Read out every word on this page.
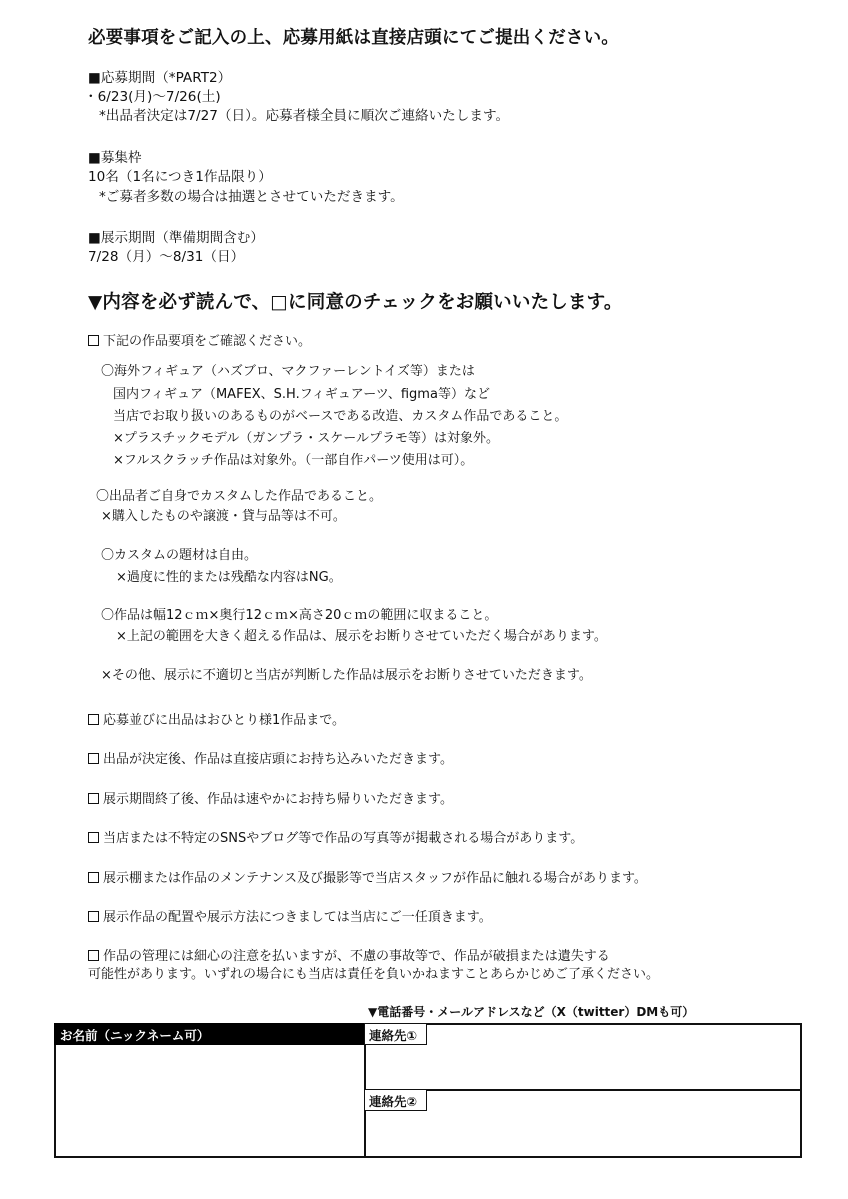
必要事項をご記入の上、応募用紙は直接店頭にてご提出ください。
■応募期間（*PART2）
・6/23(月)〜7/26(土)
*出品者決定は7/27（日）。応募者様全員に順次ご連絡いたします。
■募集枠
10名（1名につき1作品限り）
*ご募者多数の場合は抽選とさせていただきます。
■展示期間（準備期間含む）
7/28（月）〜8/31（日）
▼内容を必ず読んで、□に同意のチェックをお願いいたします。
下記の作品要項をご確認ください。
〇海外フィギュア（ハズブロ、マクファーレントイズ等）または
国内フィギュア（MAFEX、S.H.フィギュアーツ、figma等）など
当店でお取り扱いのあるものがベースである改造、カスタム作品であること。
×プラスチックモデル（ガンプラ・スケールプラモ等）は対象外。
×フルスクラッチ作品は対象外。（一部自作パーツ使用は可）。
〇出品者ご自身でカスタムした作品であること。
×購入したものや譲渡・貸与品等は不可。
〇カスタムの題材は自由。
×過度に性的または残酷な内容はNG。
〇作品は幅12ｃｍ×奥行12ｃｍ×高さ20ｃｍの範囲に収まること。
×上記の範囲を大きく超える作品は、展示をお断りさせていただく場合があります。
×その他、展示に不適切と当店が判断した作品は展示をお断りさせていただきます。
応募並びに出品はおひとり様1作品まで。
出品が決定後、作品は直接店頭にお持ち込みいただきます。
展示期間終了後、作品は速やかにお持ち帰りいただきます。
当店または不特定のSNSやブログ等で作品の写真等が掲載される場合があります。
展示棚または作品のメンテナンス及び撮影等で当店スタッフが作品に触れる場合があります。
展示作品の配置や展示方法につきましては当店にご一任頂きます。
作品の管理には細心の注意を払いますが、不慮の事故等で、作品が破損または遺失する
可能性があります。いずれの場合にも当店は責任を負いかねますことあらかじめご了承ください。
▼電話番号・メールアドレスなど（X（twitter）DMも可）
お名前（ニックネーム可）	連絡先①
連絡先②
